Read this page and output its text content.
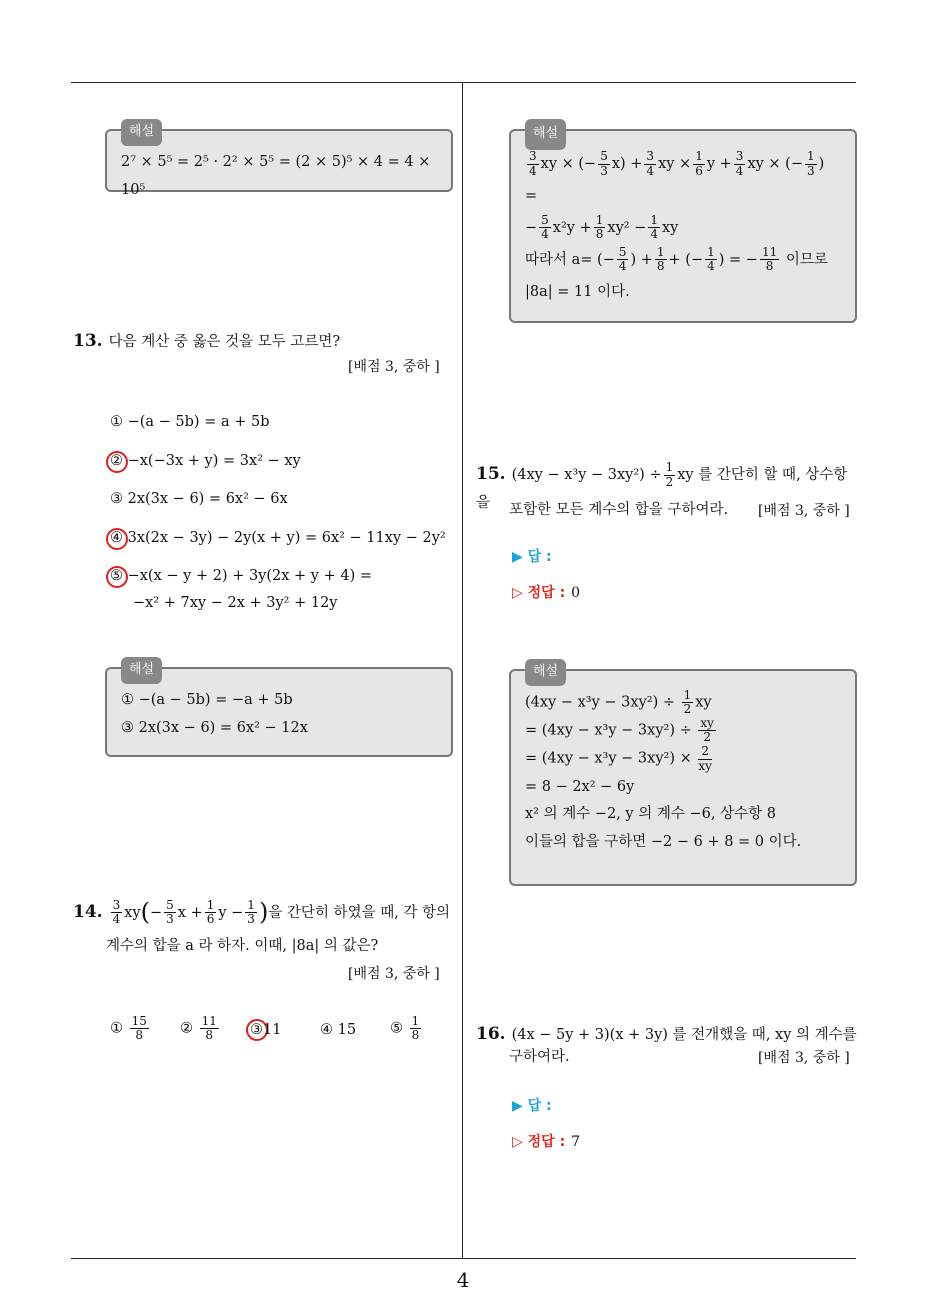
4
해설
2⁷ × 5⁵ = 2⁵ · 2² × 5⁵ = (2 × 5)⁵ × 4 = 4 × 10⁵
13. 다음 계산 중 옳은 것을 모두 고르면?
[배점 3, 중하 ]
① −(a − 5b) = a + 5b
② −x(−3x + y) = 3x² − xy
③ 2x(3x − 6) = 6x² − 6x
④ 3x(2x − 3y) − 2y(x + y) = 6x² − 11xy − 2y²
⑤ −x(x − y + 2) + 3y(2x + y + 4) =
−x² + 7xy − 2x + 3y² + 12y
해설
① −(a − 5b) = −a + 5b
③ 2x(3x − 6) = 6x² − 12x
14. $\frac{3}{4} xy(- \frac{5}{3}$ $x + \frac{1}{6}$ $y - \frac{1}{3}$ )을 간단히 하였을 때, 각 항의
계수의 합을 a 라 하자. 이때, |8a| 의 값은?
[배점 3, 중하 ]
① $\frac{15}{8}$ ② $\frac{11}{8}$ ③11	④ 15 ⑤ $\frac{1}{8}$
해설
$\frac{3}{4}$ xy × (− $\frac{5}{3} x) + \frac{3}{4}$ xy × $\frac{1}{6}$ $y + \frac{3}{4}$ xy × (− $\frac{1}{3}$ ) =
− $\frac{5}{4} x^2y + \frac{1}{8} xy^2 - \frac{1}{4}$ xy
따라서 a= (− $\frac{5}{4}$ ) + $\frac{1}{8}$ + (− $\frac{1}{4}$ ) = − $\frac{11}{8}$ 이므로
|8a| = 11 이다.
15. $(4xy - x^3y - 3xy^2) \div \frac{1}{2}$ xy 를 간단히 할 때, 상수항을	포함한 모든 계수의 합을 구하여라. [배점 3, 중하 ]
▶ 답 :
▷ 정답 : 0
해설
$(4xy - x^3y - 3xy^2) \div \frac{1}{2}$ xy
= $(4xy - x^3y - 3xy^2) \div \frac{xy}{2}$
= $(4xy - x^3y - 3xy^2) \times \frac{2}{xy}$
= 8 − 2x² − 6y
x² 의 계수 −2, y 의 계수 −6, 상수항 8
이들의 합을 구하면 −2 − 6 + 8 = 0 이다.
16. (4x − 5y + 3)(x + 3y) 를 전개했을 때, xy 의 계수를
구하여라.	[배점 3, 중하 ]
▶ 답 :
▷ 정답 : 7
